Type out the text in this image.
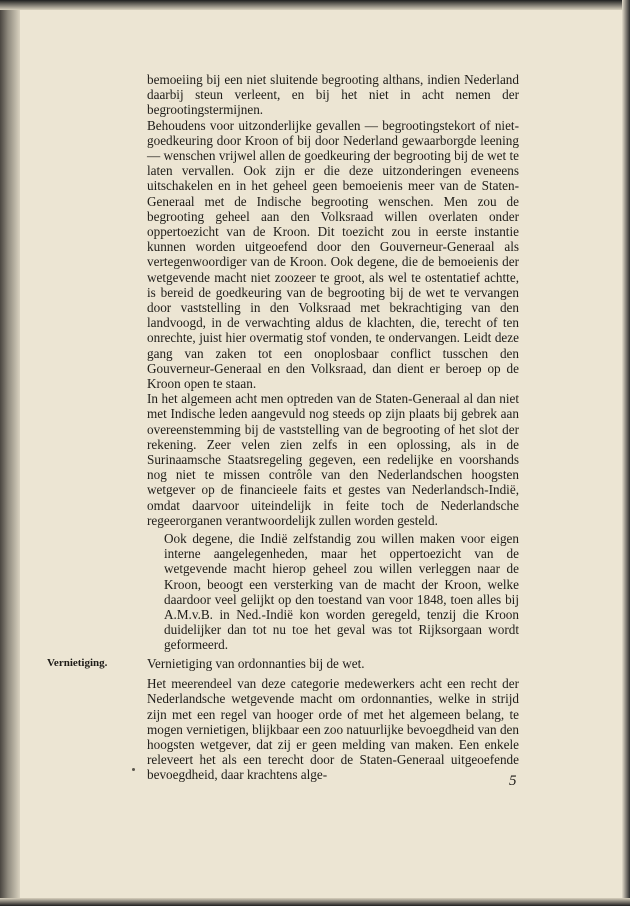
bemoeiing bij een niet sluitende begrooting althans, indien Nederland daarbij steun verleent, en bij het niet in acht nemen der begrootingstermijnen.

Behoudens voor uitzonderlijke gevallen — begrootingstekort of niet-goedkeuring door Kroon of bij door Nederland gewaarborgde leening — wenschen vrijwel allen de goedkeuring der begrooting bij de wet te laten vervallen. Ook zijn er die deze uitzonderingen eveneens uitschakelen en in het geheel geen bemoeienis meer van de Staten-Generaal met de Indische begrooting wenschen. Men zou de begrooting geheel aan den Volksraad willen overlaten onder oppertoezicht van de Kroon. Dit toezicht zou in eerste instantie kunnen worden uitgeoefend door den Gouverneur-Generaal als vertegenwoordiger van de Kroon. Ook degene, die de bemoeienis der wetgevende macht niet zoozeer te groot, als wel te ostentatief achtte, is bereid de goedkeuring van de begrooting bij de wet te vervangen door vaststelling in den Volksraad met bekrachtiging van den landvoogd, in de verwachting aldus de klachten, die, terecht of ten onrechte, juist hier overmatig stof vonden, te ondervangen. Leidt deze gang van zaken tot een onoplosbaar conflict tusschen den Gouverneur-Generaal en den Volksraad, dan dient er beroep op de Kroon open te staan.

In het algemeen acht men optreden van de Staten-Generaal al dan niet met Indische leden aangevuld nog steeds op zijn plaats bij gebrek aan overeenstemming bij de vaststelling van de begrooting of het slot der rekening. Zeer velen zien zelfs in een oplossing, als in de Surinaamsche Staatsregeling gegeven, een redelijke en voorshands nog niet te missen contrôle van den Nederlandschen hoogsten wetgever op de financieele faits et gestes van Nederlandsch-Indië, omdat daarvoor uiteindelijk in feite toch de Nederlandsche regeerorganen verantwoordelijk zullen worden gesteld.

Ook degene, die Indië zelfstandig zou willen maken voor eigen interne aangelegenheden, maar het oppertoezicht van de wetgevende macht hierop geheel zou willen verleggen naar de Kroon, beoogt een versterking van de macht der Kroon, welke daardoor veel gelijkt op den toestand van voor 1848, toen alles bij A.M.v.B. in Ned.-Indië kon worden geregeld, tenzij die Kroon duidelijker dan tot nu toe het geval was tot Rijksorgaan wordt geformeerd.

Vernietiging.	Vernietiging van ordonnanties bij de wet.

Het meerendeel van deze categorie medewerkers acht een recht der Nederlandsche wetgevende macht om ordonnanties, welke in strijd zijn met een regel van hooger orde of met het algemeen belang, te mogen vernietigen, blijkbaar een zoo natuurlijke bevoegdheid van den hoogsten wetgever, dat zij er geen melding van maken. Een enkele releveert het als een terecht door de Staten-Generaal uitgeoefende bevoegdheid, daar krachtens alge-	5
